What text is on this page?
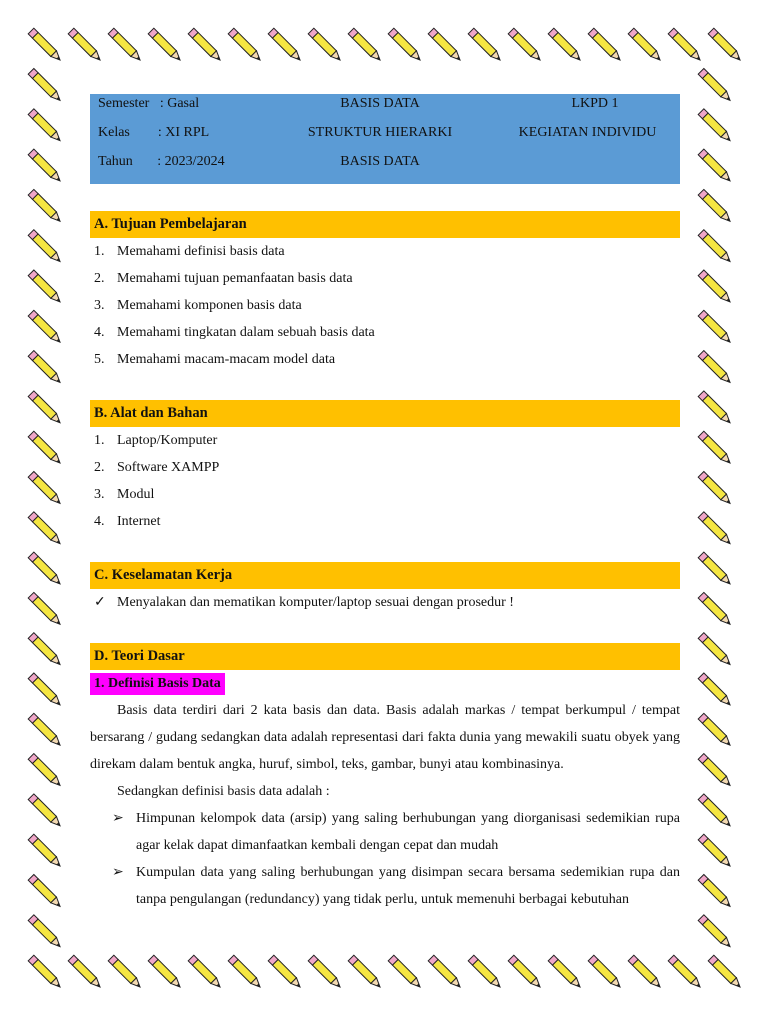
Semester   : Gasal
Kelas        : XI RPL
Tahun       : 2023/2024
BASIS DATA
STRUKTUR HIERARKI
BASIS DATA
LKPD 1
KEGIATAN INDIVIDU
A. Tujuan Pembelajaran
1. Memahami definisi basis data
2. Memahami tujuan pemanfaatan basis data
3. Memahami komponen basis data
4. Memahami tingkatan dalam sebuah basis data
5. Memahami macam-macam model data
B. Alat dan Bahan
1. Laptop/Komputer
2. Software XAMPP
3. Modul
4. Internet
C. Keselamatan Kerja
✓ Menyalakan dan mematikan komputer/laptop sesuai dengan prosedur !
D. Teori Dasar
1. Definisi Basis Data

Basis data terdiri dari 2 kata basis dan data. Basis adalah markas / tempat berkumpul / tempat bersarang / gudang sedangkan data adalah representasi dari fakta dunia yang mewakili suatu obyek yang direkam dalam bentuk angka, huruf, simbol, teks, gambar, bunyi atau kombinasinya.

Sedangkan definisi basis data adalah :

➢ Himpunan kelompok data (arsip) yang saling berhubungan yang diorganisasi sedemikian rupa agar kelak dapat dimanfaatkan kembali dengan cepat dan mudah
➢ Kumpulan data yang saling berhubungan yang disimpan secara bersama sedemikian rupa dan tanpa pengulangan (redundancy) yang tidak perlu, untuk memenuhi berbagai kebutuhan
